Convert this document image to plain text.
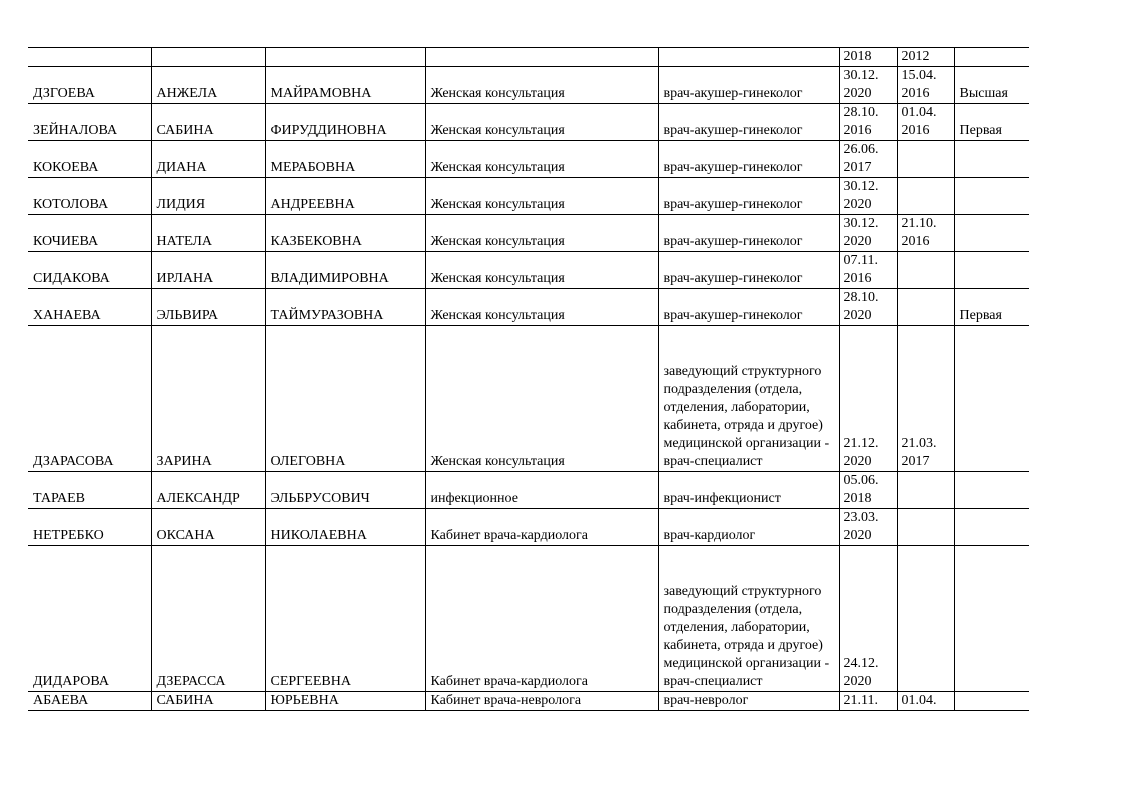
					2018	2012	
ДЗГОЕВА	АНЖЕЛА	МАЙРАМОВНА	Женская консультация	врач-акушер-гинеколог	30.12. 2020	15.04. 2016	Высшая
ЗЕЙНАЛОВА	САБИНА	ФИРУДДИНОВНА	Женская консультация	врач-акушер-гинеколог	28.10. 2016	01.04. 2016	Первая
КОКОЕВА	ДИАНА	МЕРАБОВНА	Женская консультация	врач-акушер-гинеколог	26.06. 2017		
КОТОЛОВА	ЛИДИЯ	АНДРЕЕВНА	Женская консультация	врач-акушер-гинеколог	30.12. 2020		
КОЧИЕВА	НАТЕЛА	КАЗБЕКОВНА	Женская консультация	врач-акушер-гинеколог	30.12. 2020	21.10. 2016	
СИДАКОВА	ИРЛАНА	ВЛАДИМИРОВНА	Женская консультация	врач-акушер-гинеколог	07.11. 2016		
ХАНАЕВА	ЭЛЬВИРА	ТАЙМУРАЗОВНА	Женская консультация	врач-акушер-гинеколог	28.10. 2020		Первая
ДЗАРАСОВА	ЗАРИНА	ОЛЕГОВНА	Женская консультация	заведующий структурного подразделения (отдела, отделения, лаборатории, кабинета, отряда и другое) медицинской организации - врач-специалист	21.12. 2020	21.03. 2017	
ТАРАЕВ	АЛЕКСАНДР	ЭЛЬБРУСОВИЧ	инфекционное	врач-инфекционист	05.06. 2018		
НЕТРЕБКО	ОКСАНА	НИКОЛАЕВНА	Кабинет врача-кардиолога	врач-кардиолог	23.03. 2020		
ДИДАРОВА	ДЗЕРАССА	СЕРГЕЕВНА	Кабинет врача-кардиолога	заведующий структурного подразделения (отдела, отделения, лаборатории, кабинета, отряда и другое) медицинской организации - врач-специалист	24.12. 2020		
АБАЕВА	САБИНА	ЮРЬЕВНА	Кабинет врача-невролога	врач-невролог	21.11.	01.04.	
